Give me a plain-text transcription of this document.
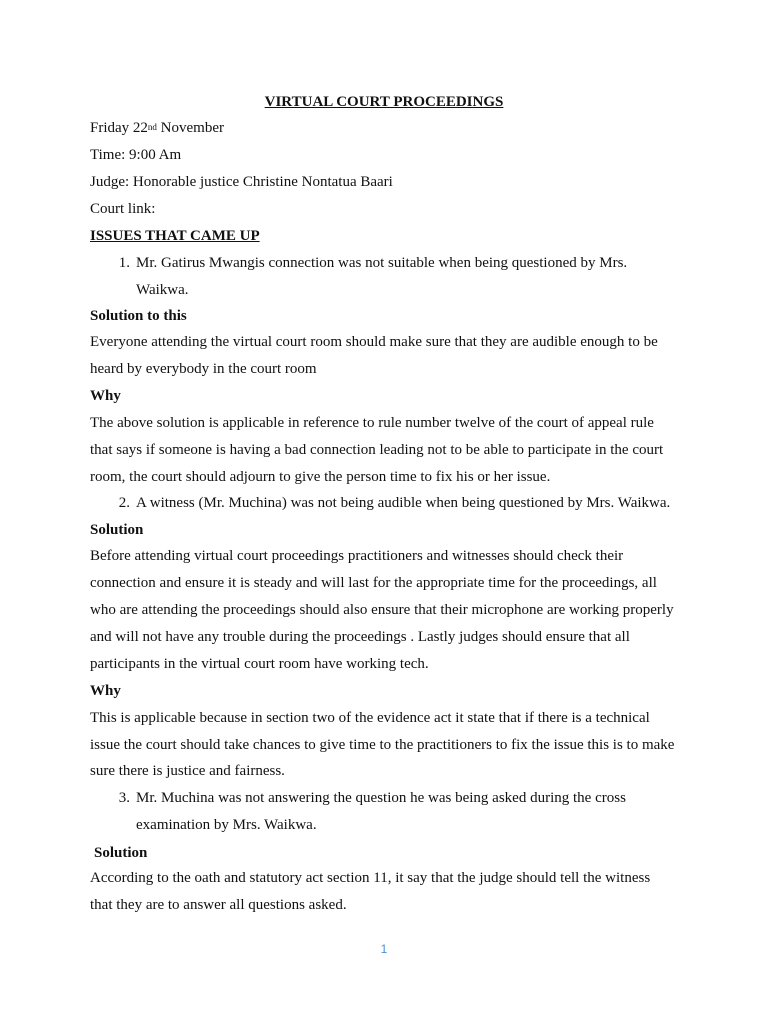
VIRTUAL COURT PROCEEDINGS
Friday 22nd November
Time: 9:00 Am
Judge: Honorable justice Christine Nontatua Baari
Court link:
ISSUES THAT CAME UP
1. Mr. Gatirus Mwangis connection was not suitable when being questioned by Mrs.
Waikwa.
Solution to this
Everyone attending the virtual court room should make sure that they are audible enough to be
heard by everybody in the court room
Why
The above solution is applicable in reference to rule number twelve of the court of appeal rule
that says if someone is having a bad connection leading not to be able to participate in the court
room, the court should adjourn to give the person time to fix his or her issue.
2. A witness (Mr. Muchina) was not being audible when being questioned by Mrs. Waikwa.
Solution
Before attending virtual court proceedings practitioners and witnesses should check their
connection and ensure it is steady and will last for the appropriate time for the proceedings, all
who are attending the proceedings should also ensure that their microphone are working properly
and will not have any trouble during the proceedings . Lastly judges should ensure that all
participants in the virtual court room have working tech.
Why
This is applicable because in section two of the evidence act it state that if there is a technical
issue the court should take chances to give time to the practitioners to fix the issue this is to make
sure there is justice and fairness.
3. Mr. Muchina was not answering the question he was being asked during the cross
examination by Mrs. Waikwa.
Solution
According to the oath and statutory act section 11, it say that the judge should tell the witness
that they are to answer all questions asked.
1
